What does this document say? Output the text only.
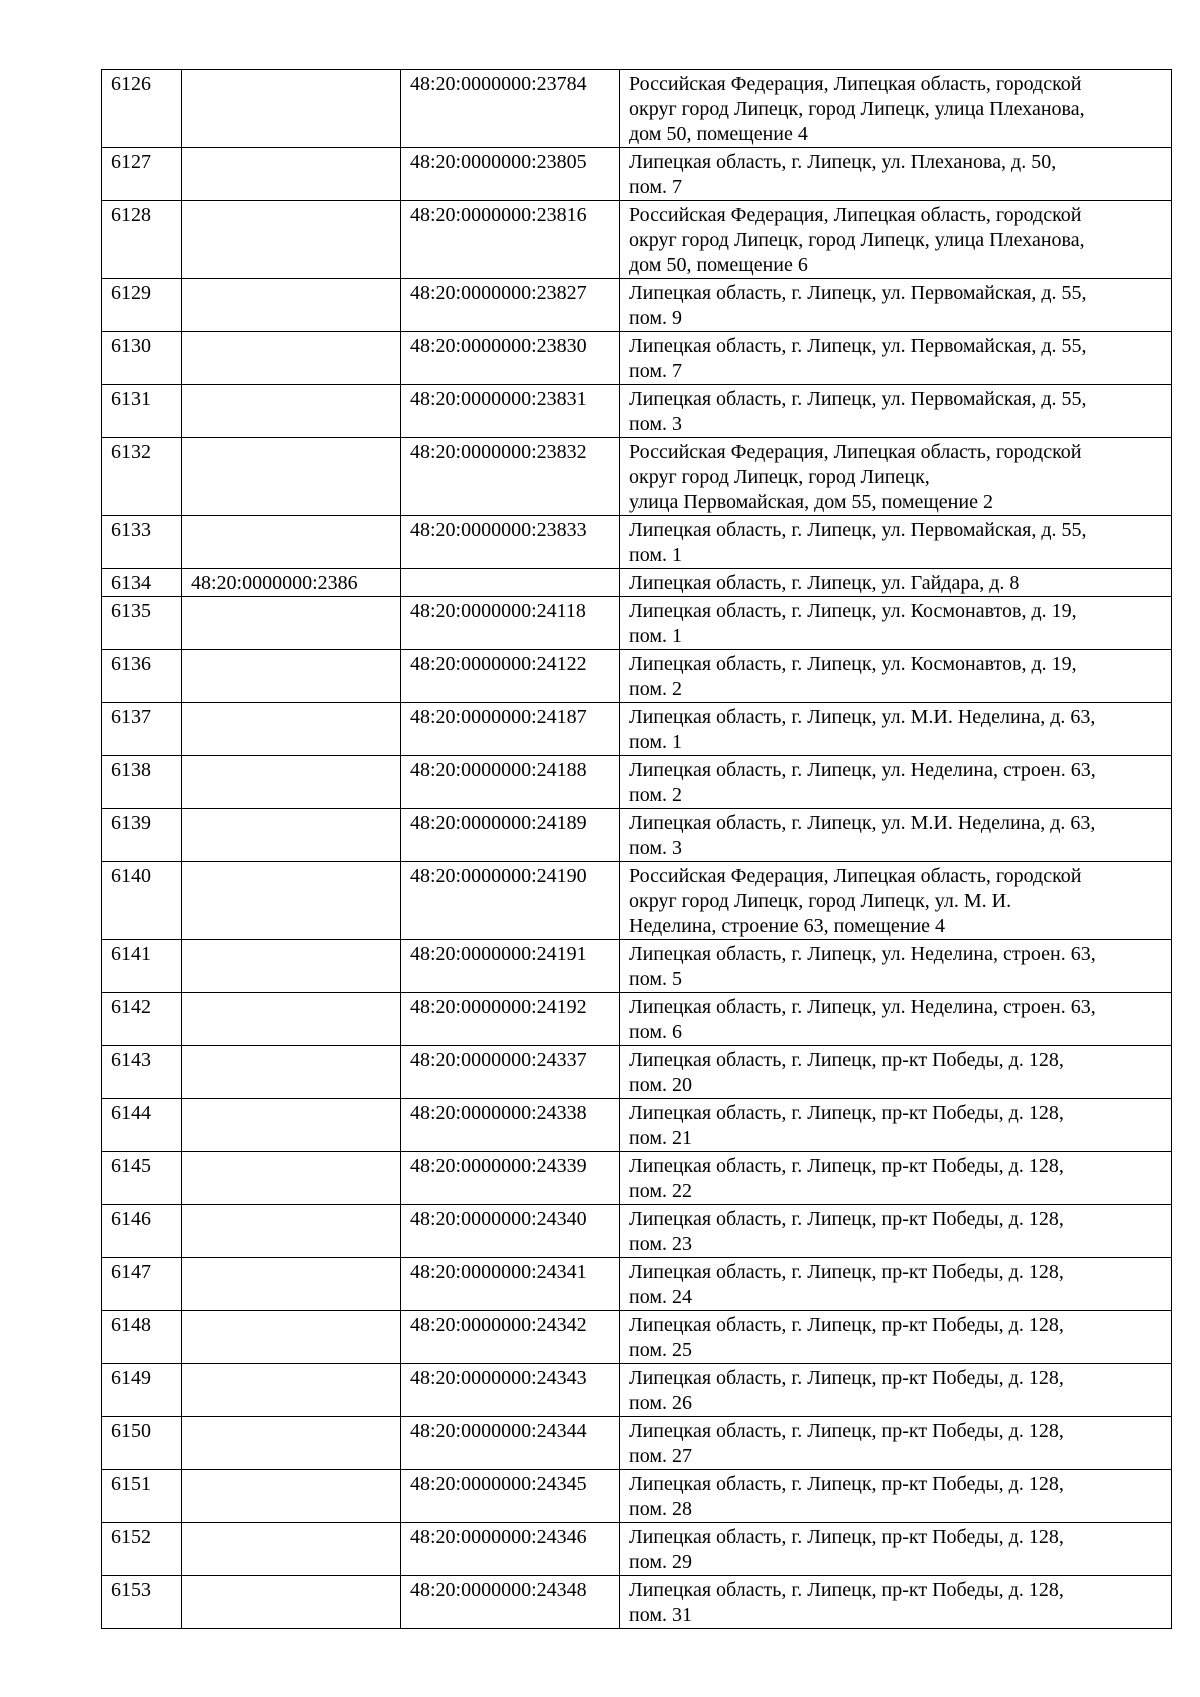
6126		48:20:0000000:23784	Российская Федерация, Липецкая область, городской
округ город Липецк, город Липецк, улица Плеханова,
дом 50, помещение 4

6127		48:20:0000000:23805	Липецкая область, г. Липецк, ул. Плеханова, д. 50,
пом. 7

6128		48:20:0000000:23816	Российская Федерация, Липецкая область, городской
округ город Липецк, город Липецк, улица Плеханова,
дом 50, помещение 6

6129		48:20:0000000:23827	Липецкая область, г. Липецк, ул. Первомайская, д. 55,
пом. 9

6130		48:20:0000000:23830	Липецкая область, г. Липецк, ул. Первомайская, д. 55,
пом. 7

6131		48:20:0000000:23831	Липецкая область, г. Липецк, ул. Первомайская, д. 55,
пом. 3

6132		48:20:0000000:23832	Российская Федерация, Липецкая область, городской
округ город Липецк, город Липецк,
улица Первомайская, дом 55, помещение 2

6133		48:20:0000000:23833	Липецкая область, г. Липецк, ул. Первомайская, д. 55,
пом. 1

6134	48:20:0000000:2386		Липецкая область, г. Липецк, ул. Гайдара, д. 8

6135		48:20:0000000:24118	Липецкая область, г. Липецк, ул. Космонавтов, д. 19,
пом. 1

6136		48:20:0000000:24122	Липецкая область, г. Липецк, ул. Космонавтов, д. 19,
пом. 2

6137		48:20:0000000:24187	Липецкая область, г. Липецк, ул. М.И. Неделина, д. 63,
пом. 1

6138		48:20:0000000:24188	Липецкая область, г. Липецк, ул. Неделина, строен. 63,
пом. 2

6139		48:20:0000000:24189	Липецкая область, г. Липецк, ул. М.И. Неделина, д. 63,
пом. 3

6140		48:20:0000000:24190	Российская Федерация, Липецкая область, городской
округ город Липецк, город Липецк, ул. М. И.
Неделина, строение 63, помещение 4

6141		48:20:0000000:24191	Липецкая область, г. Липецк, ул. Неделина, строен. 63,
пом. 5

6142		48:20:0000000:24192	Липецкая область, г. Липецк, ул. Неделина, строен. 63,
пом. 6

6143		48:20:0000000:24337	Липецкая область, г. Липецк, пр-кт Победы, д. 128,
пом. 20

6144		48:20:0000000:24338	Липецкая область, г. Липецк, пр-кт Победы, д. 128,
пом. 21

6145		48:20:0000000:24339	Липецкая область, г. Липецк, пр-кт Победы, д. 128,
пом. 22

6146		48:20:0000000:24340	Липецкая область, г. Липецк, пр-кт Победы, д. 128,
пом. 23

6147		48:20:0000000:24341	Липецкая область, г. Липецк, пр-кт Победы, д. 128,
пом. 24

6148		48:20:0000000:24342	Липецкая область, г. Липецк, пр-кт Победы, д. 128,
пом. 25

6149		48:20:0000000:24343	Липецкая область, г. Липецк, пр-кт Победы, д. 128,
пом. 26

6150		48:20:0000000:24344	Липецкая область, г. Липецк, пр-кт Победы, д. 128,
пом. 27

6151		48:20:0000000:24345	Липецкая область, г. Липецк, пр-кт Победы, д. 128,
пом. 28

6152		48:20:0000000:24346	Липецкая область, г. Липецк, пр-кт Победы, д. 128,
пом. 29

6153		48:20:0000000:24348	Липецкая область, г. Липецк, пр-кт Победы, д. 128,
пом. 31
